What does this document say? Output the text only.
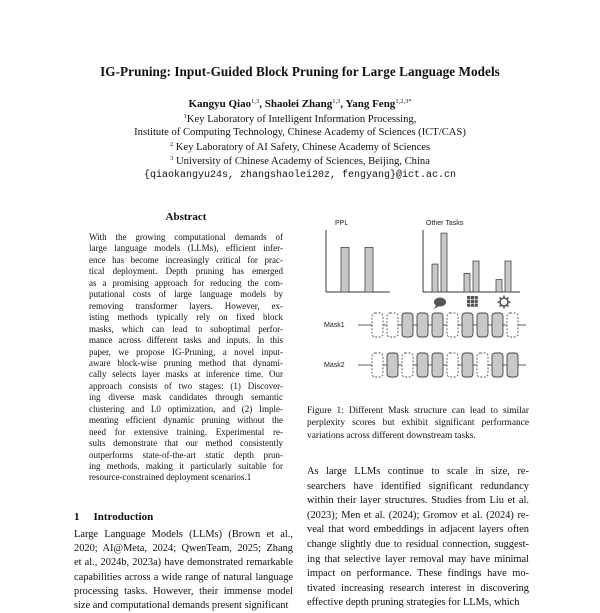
IG-Pruning: Input-Guided Block Pruning for Large Language Models
Kangyu Qiao$^{1,3}$, Shaolei Zhang$^{1,3}$, Yang Feng$^{1,2,3*}$
$^1$Key Laboratory of Intelligent Information Processing,
Institute of Computing Technology, Chinese Academy of Sciences (ICT/CAS)
$^2$ Key Laboratory of AI Safety, Chinese Academy of Sciences
$^3$ University of Chinese Academy of Sciences, Beijing, China
{qiaokangyu24s, zhangshaolei20z, fengyang}@ict.ac.cn
Abstract
With the growing computational demands of
large language models (LLMs), efficient infer-
ence has become increasingly critical for prac-
tical deployment. Depth pruning has emerged
as a promising approach for reducing the com-
putational costs of large language models by
removing transformer layers. However, ex-
isting methods typically rely on fixed block
masks, which can lead to suboptimal perfor-
mance across different tasks and inputs. In this
paper, we propose IG-Pruning, a novel input-
aware block-wise pruning method that dynami-
cally selects layer masks at inference time. Our
approach consists of two stages: (1) Discover-
ing diverse mask candidates through semantic
clustering and L0 optimization, and (2) Imple-
menting efficient dynamic pruning without the
need for extensive training. Experimental re-
sults demonstrate that our method consistently
outperforms state-of-the-art static depth prun-
ing methods, making it particularly suitable for
resource-constrained deployment scenarios.1
1 Introduction
Large Language Models (LLMs) (Brown et al.,
2020; AI@Meta, 2024; QwenTeam, 2025; Zhang
et al., 2024b, 2023a) have demonstrated remarkable
capabilities across a wide range of natural language
processing tasks. However, their immense model
size and computational demands present significant
PPL	Other Tasks
Mask1
Mask2
Figure 1: Different Mask structure can lead to similar
perplexity scores but exhibit significant performance
variations across different downstream tasks.
As large LLMs continue to scale in size, re-
searchers have identified significant redundancy
within their layer structures. Studies from Liu et al.
(2023); Men et al. (2024); Gromov et al. (2024) re-
veal that word embeddings in adjacent layers often
change slightly due to residual connection, suggest-
ing that selective layer removal may have minimal
impact on performance. These findings have mo-
tivated increasing research interest in discovering
effective depth pruning strategies for LLMs, which
